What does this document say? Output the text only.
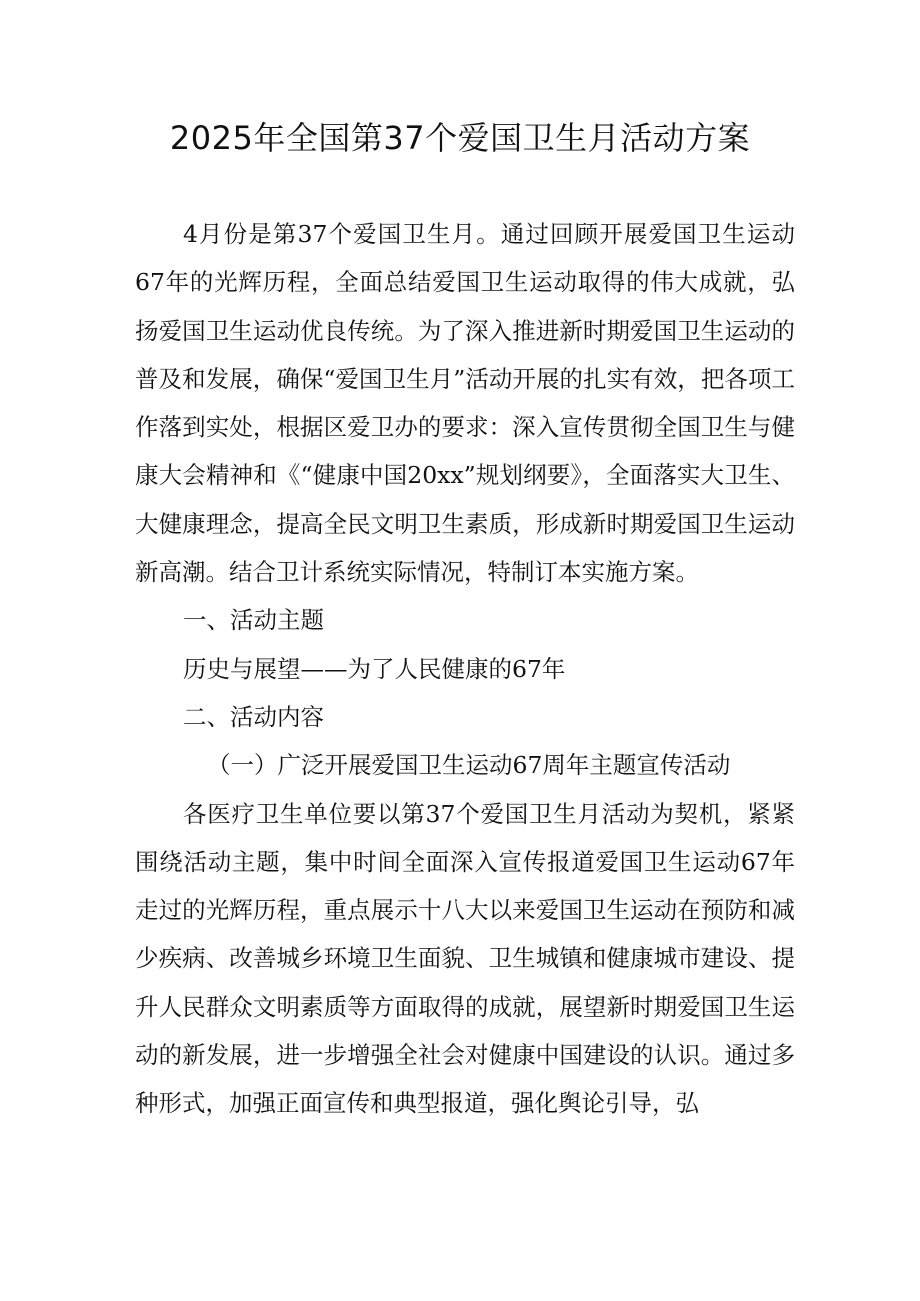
2025年全国第37个爱国卫生月活动方案

4月份是第37个爱国卫生月。通过回顾开展爱国卫生运动67年的光辉历程，全面总结爱国卫生运动取得的伟大成就，弘扬爱国卫生运动优良传统。为了深入推进新时期爱国卫生运动的普及和发展，确保“爱国卫生月”活动开展的扎实有效，把各项工作落到实处，根据区爱卫办的要求：深入宣传贯彻全国卫生与健康大会精神和《“健康中国20xx”规划纲要》，全面落实大卫生、大健康理念，提高全民文明卫生素质，形成新时期爱国卫生运动新高潮。结合卫计系统实际情况，特制订本实施方案。

一、活动主题

历史与展望——为了人民健康的67年

二、活动内容

（一）广泛开展爱国卫生运动67周年主题宣传活动

各医疗卫生单位要以第37个爱国卫生月活动为契机，紧紧围绕活动主题，集中时间全面深入宣传报道爱国卫生运动67年走过的光辉历程，重点展示十八大以来爱国卫生运动在预防和减少疾病、改善城乡环境卫生面貌、卫生城镇和健康城市建设、提升人民群众文明素质等方面取得的成就，展望新时期爱国卫生运动的新发展，进一步增强全社会对健康中国建设的认识。通过多种形式，加强正面宣传和典型报道，强化舆论引导，弘
